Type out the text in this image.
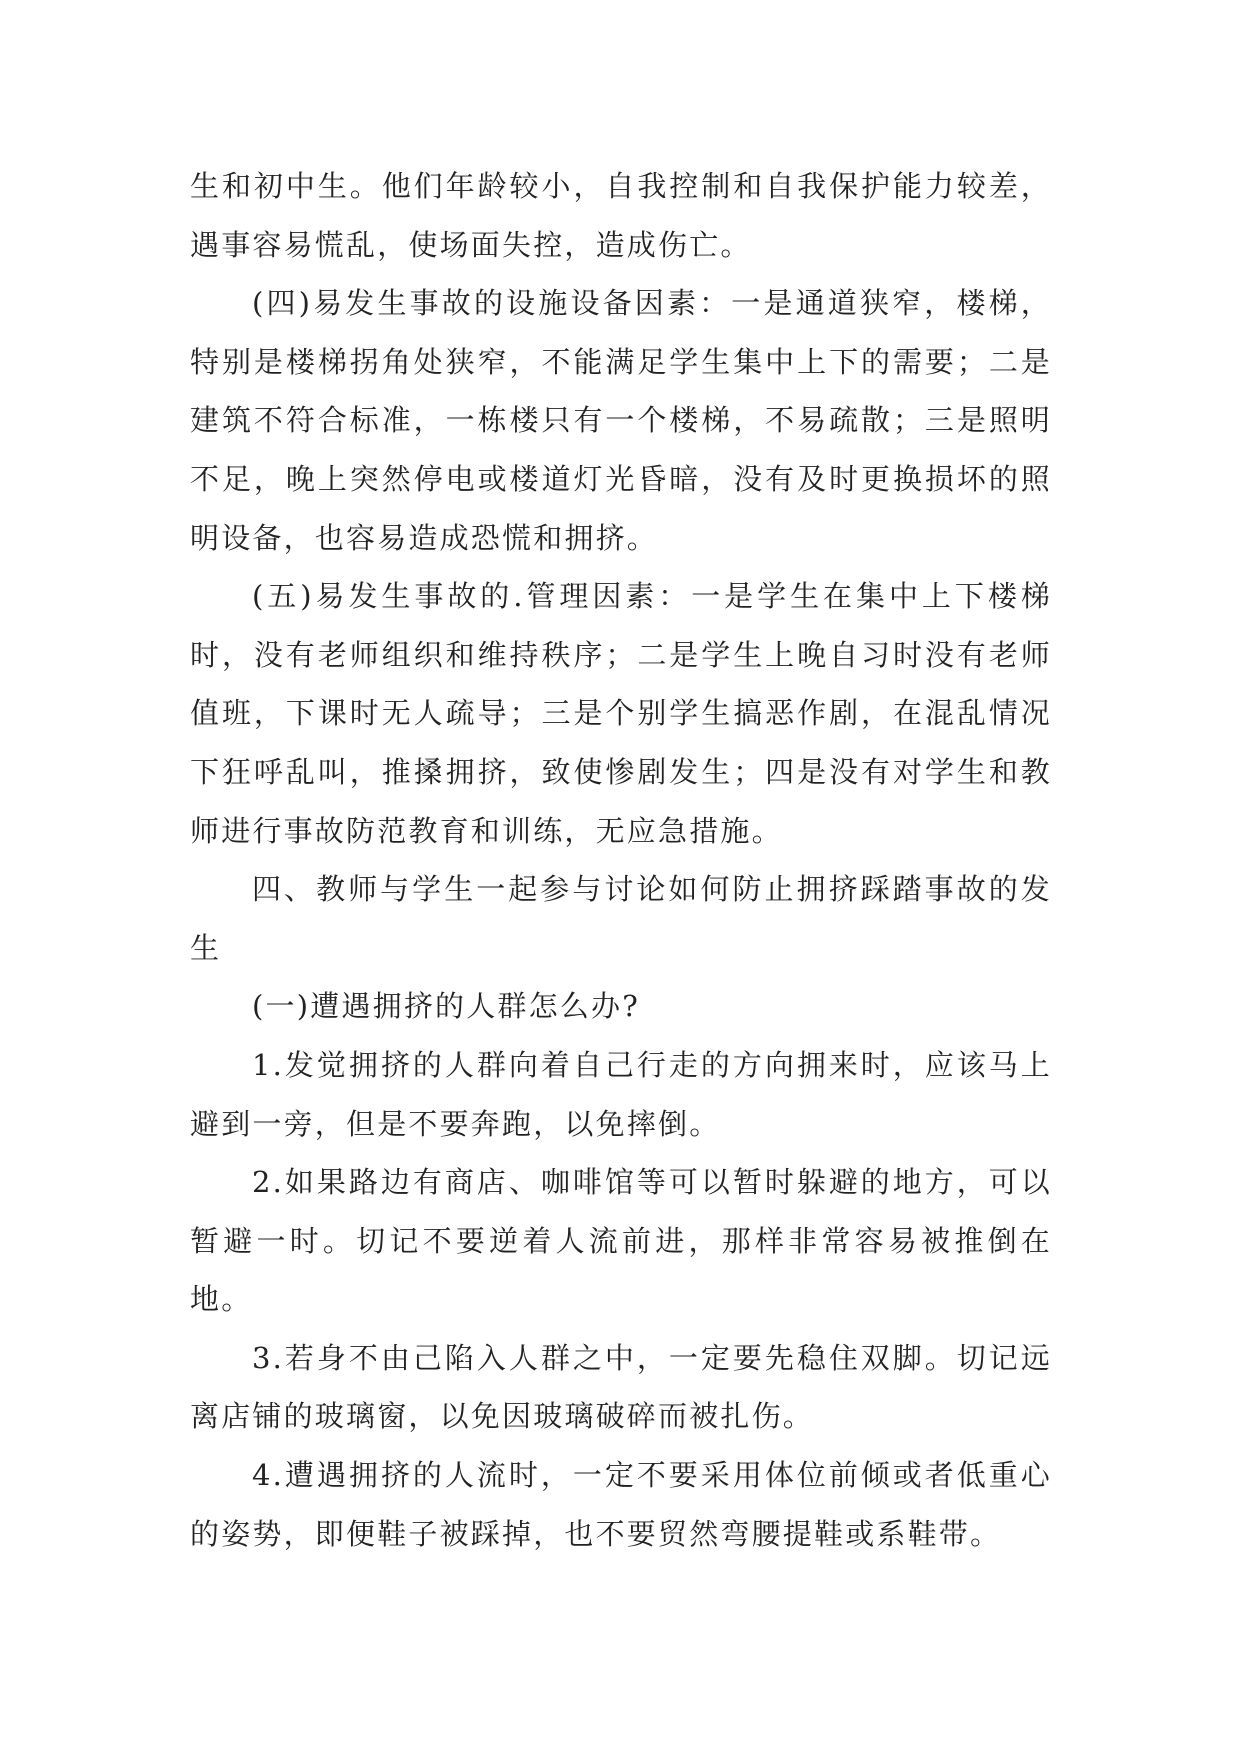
生和初中生。他们年龄较小，自我控制和自我保护能力较差，遇事容易慌乱，使场面失控，造成伤亡。

(四)易发生事故的设施设备因素：一是通道狭窄，楼梯，特别是楼梯拐角处狭窄，不能满足学生集中上下的需要；二是建筑不符合标准，一栋楼只有一个楼梯，不易疏散；三是照明不足，晚上突然停电或楼道灯光昏暗，没有及时更换损坏的照明设备，也容易造成恐慌和拥挤。

(五)易发生事故的.管理因素：一是学生在集中上下楼梯时，没有老师组织和维持秩序；二是学生上晚自习时没有老师值班，下课时无人疏导；三是个别学生搞恶作剧，在混乱情况下狂呼乱叫，推搡拥挤，致使惨剧发生；四是没有对学生和教师进行事故防范教育和训练，无应急措施。

四、教师与学生一起参与讨论如何防止拥挤踩踏事故的发生

(一)遭遇拥挤的人群怎么办?

1.发觉拥挤的人群向着自己行走的方向拥来时，应该马上避到一旁，但是不要奔跑，以免摔倒。

2.如果路边有商店、咖啡馆等可以暂时躲避的地方，可以暂避一时。切记不要逆着人流前进，那样非常容易被推倒在地。

3.若身不由己陷入人群之中，一定要先稳住双脚。切记远离店铺的玻璃窗，以免因玻璃破碎而被扎伤。

4.遭遇拥挤的人流时，一定不要采用体位前倾或者低重心的姿势，即便鞋子被踩掉，也不要贸然弯腰提鞋或系鞋带。
